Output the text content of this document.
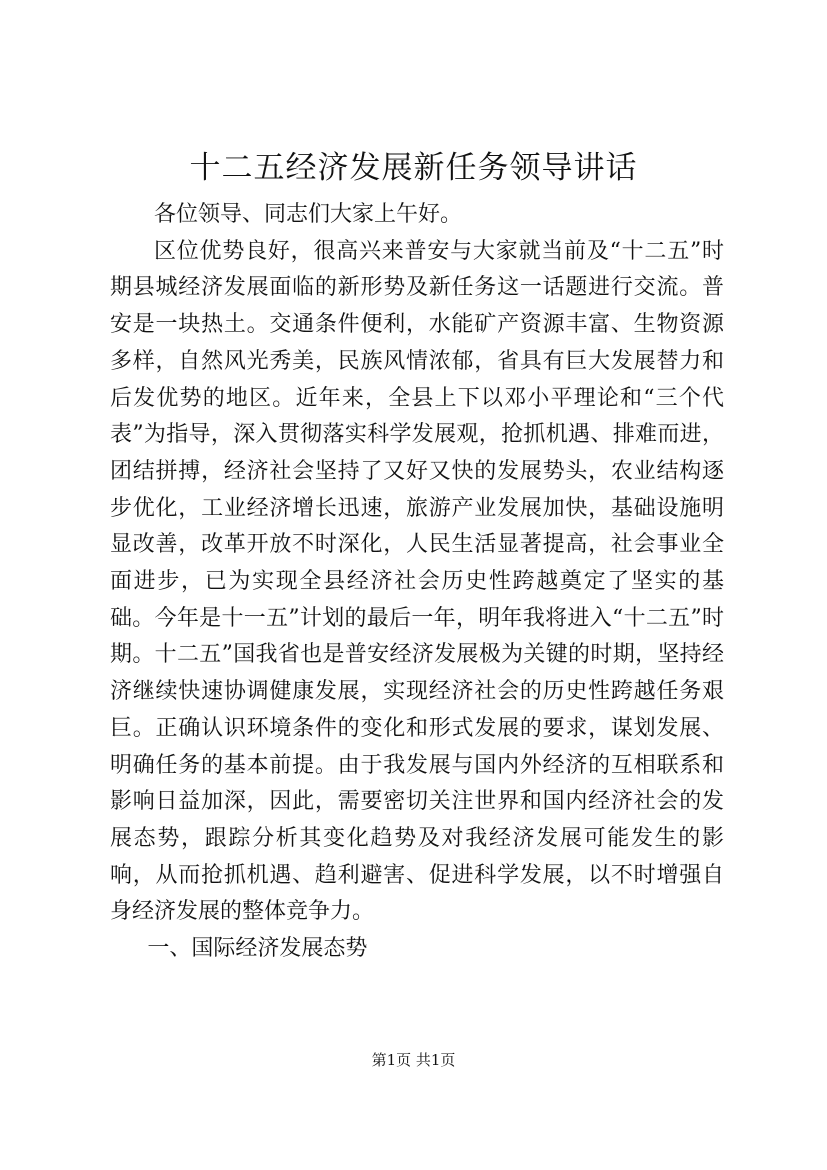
十二五经济发展新任务领导讲话

各位领导、同志们大家上午好。

区位优势良好，很高兴来普安与大家就当前及“十二五”时期县城经济发展面临的新形势及新任务这一话题进行交流。普安是一块热土。交通条件便利，水能矿产资源丰富、生物资源多样，自然风光秀美，民族风情浓郁，省具有巨大发展替力和后发优势的地区。近年来，全县上下以邓小平理论和“三个代表”为指导，深入贯彻落实科学发展观，抢抓机遇、排难而进，团结拼搏，经济社会坚持了又好又快的发展势头，农业结构逐步优化，工业经济增长迅速，旅游产业发展加快，基础设施明显改善，改革开放不时深化，人民生活显著提高，社会事业全面进步，已为实现全县经济社会历史性跨越奠定了坚实的基础。今年是十一五”计划的最后一年，明年我将进入“十二五”时期。十二五”国我省也是普安经济发展极为关键的时期，坚持经济继续快速协调健康发展，实现经济社会的历史性跨越任务艰巨。正确认识环境条件的变化和形式发展的要求，谋划发展、明确任务的基本前提。由于我发展与国内外经济的互相联系和影响日益加深，因此，需要密切关注世界和国内经济社会的发展态势，跟踪分析其变化趋势及对我经济发展可能发生的影响，从而抢抓机遇、趋利避害、促进科学发展，以不时增强自身经济发展的整体竞争力。

一、国际经济发展态势

第1页 共1页
